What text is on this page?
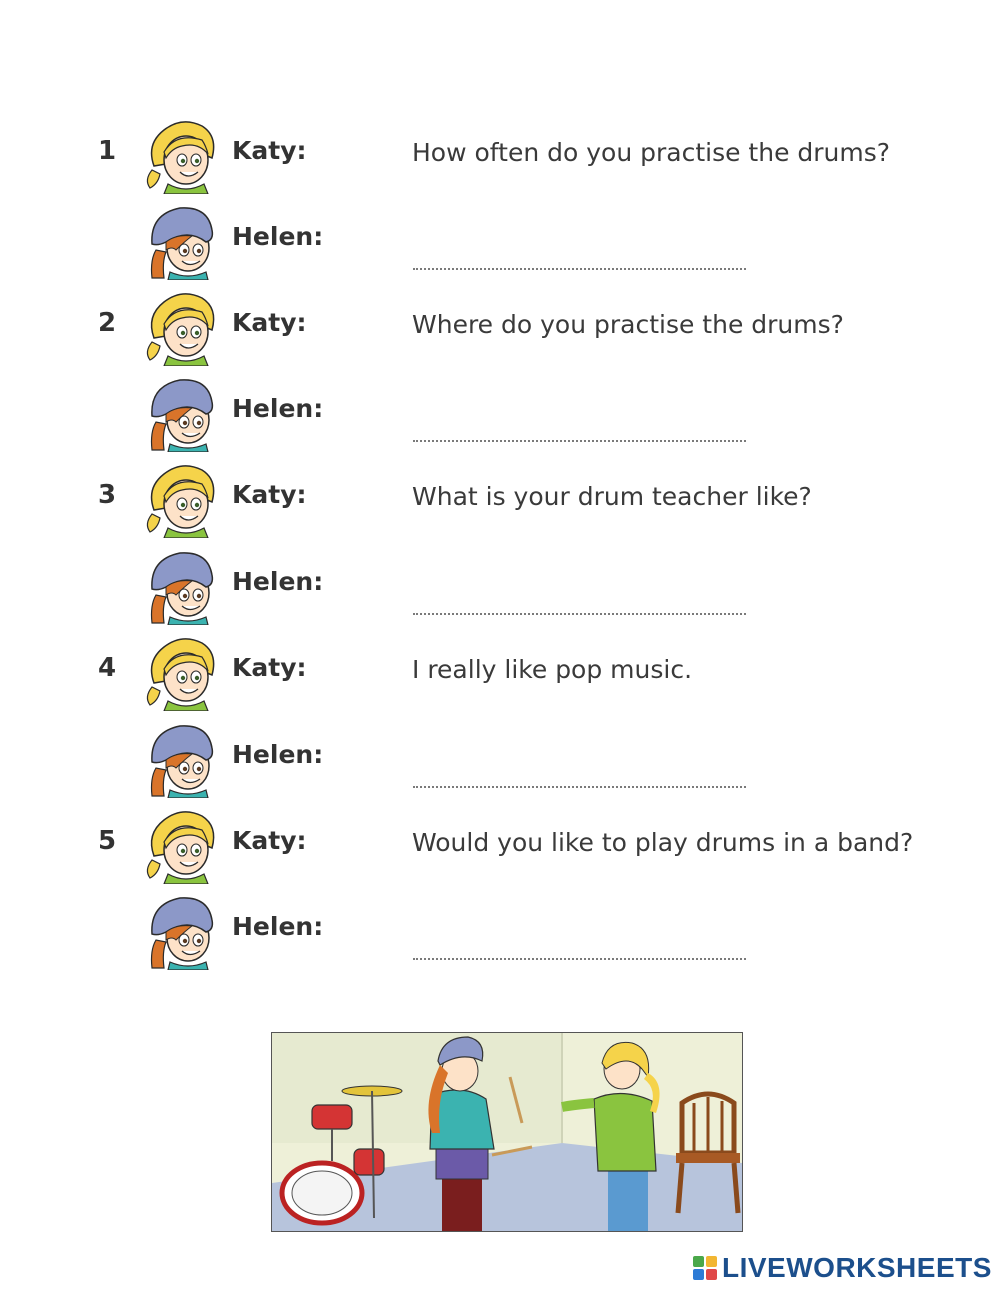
1	Katy:	How often do you practise the drums?
Helen:
2	Katy:	Where do you practise the drums?
Helen:
3	Katy:	What is your drum teacher like?
Helen:
4	Katy:	I really like pop music.
Helen:
5	Katy:	Would you like to play drums in a band?
Helen:
LIVEWORKSHEETS
